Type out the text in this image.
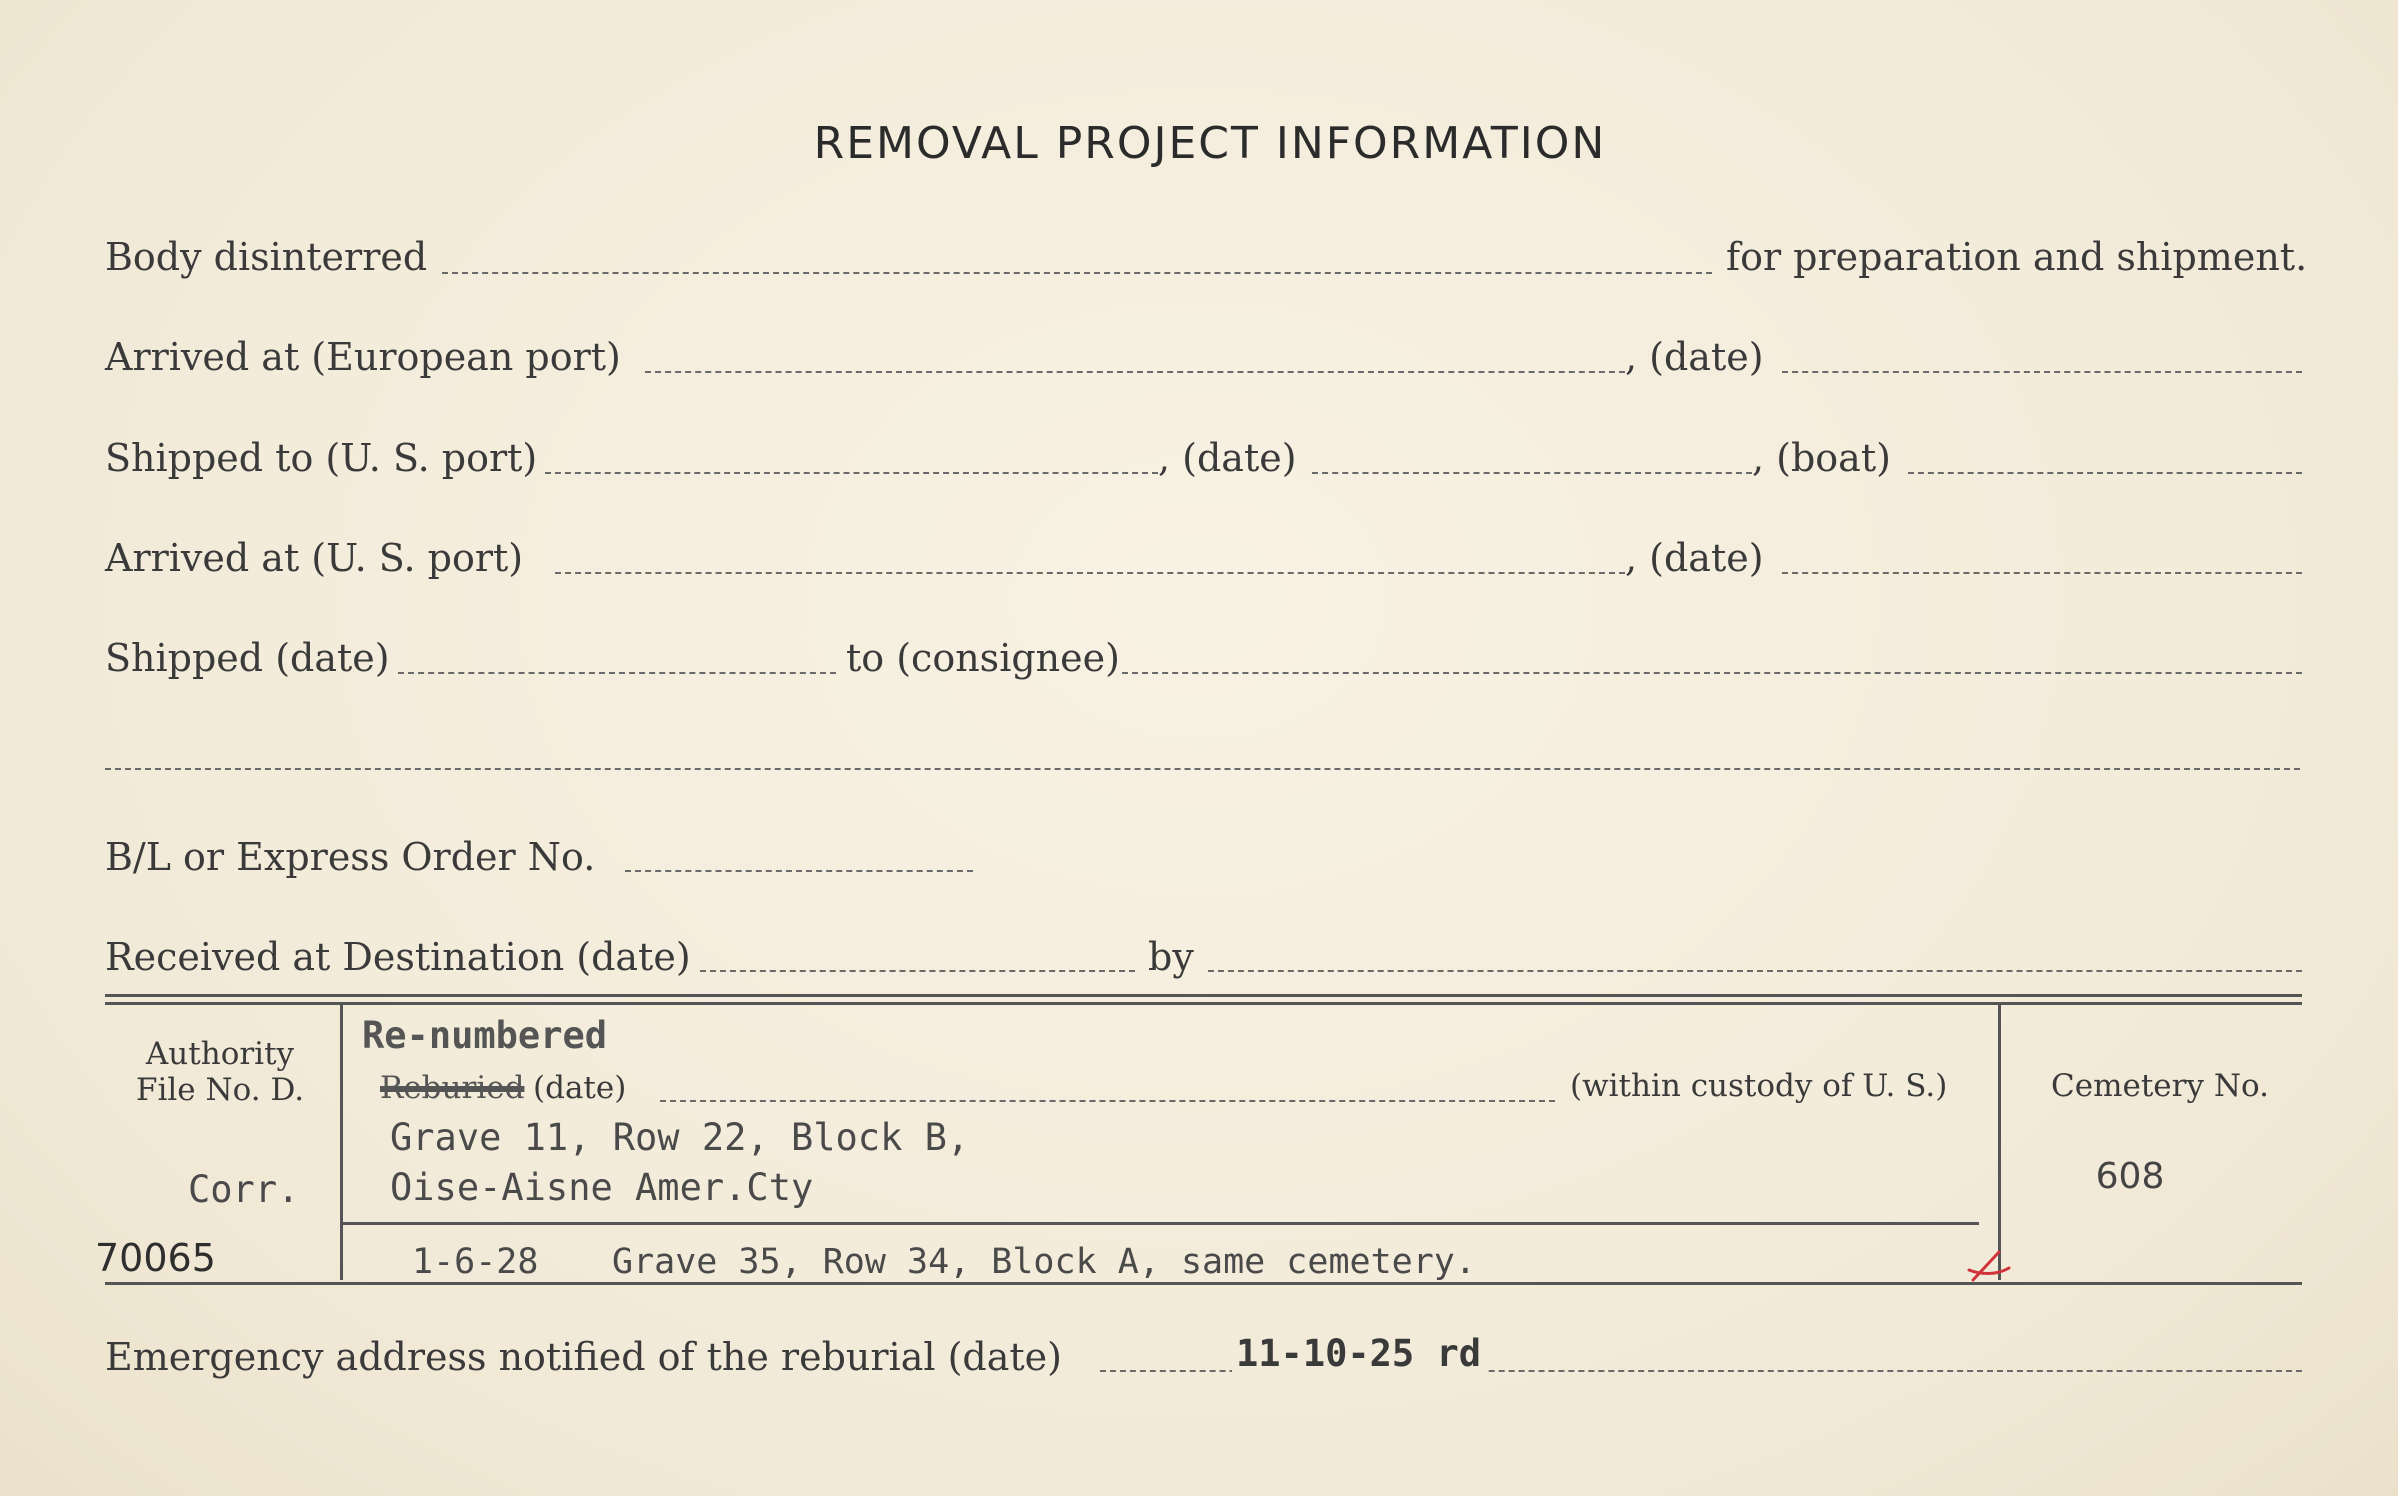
REMOVAL PROJECT INFORMATION
Body disinterred	for preparation and shipment.
Arrived at (European port)	, (date)
Shipped to (U. S. port)	, (date)	, (boat)
Arrived at (U. S. port)	, (date)
Shipped (date)	to (consignee)
B/L or Express Order No.
Received at Destination (date)	by
Authority
File No. D.
Corr.
70065
Re-numbered
Reburied (date)	(within custody of U. S.)
Grave 11, Row 22, Block B,
Oise-Aisne Amer.Cty
1-6-28 Grave 35, Row 34, Block A, same cemetery.
Cemetery No.
608
Emergency address notified of the reburial (date)	11-10-25 rd
